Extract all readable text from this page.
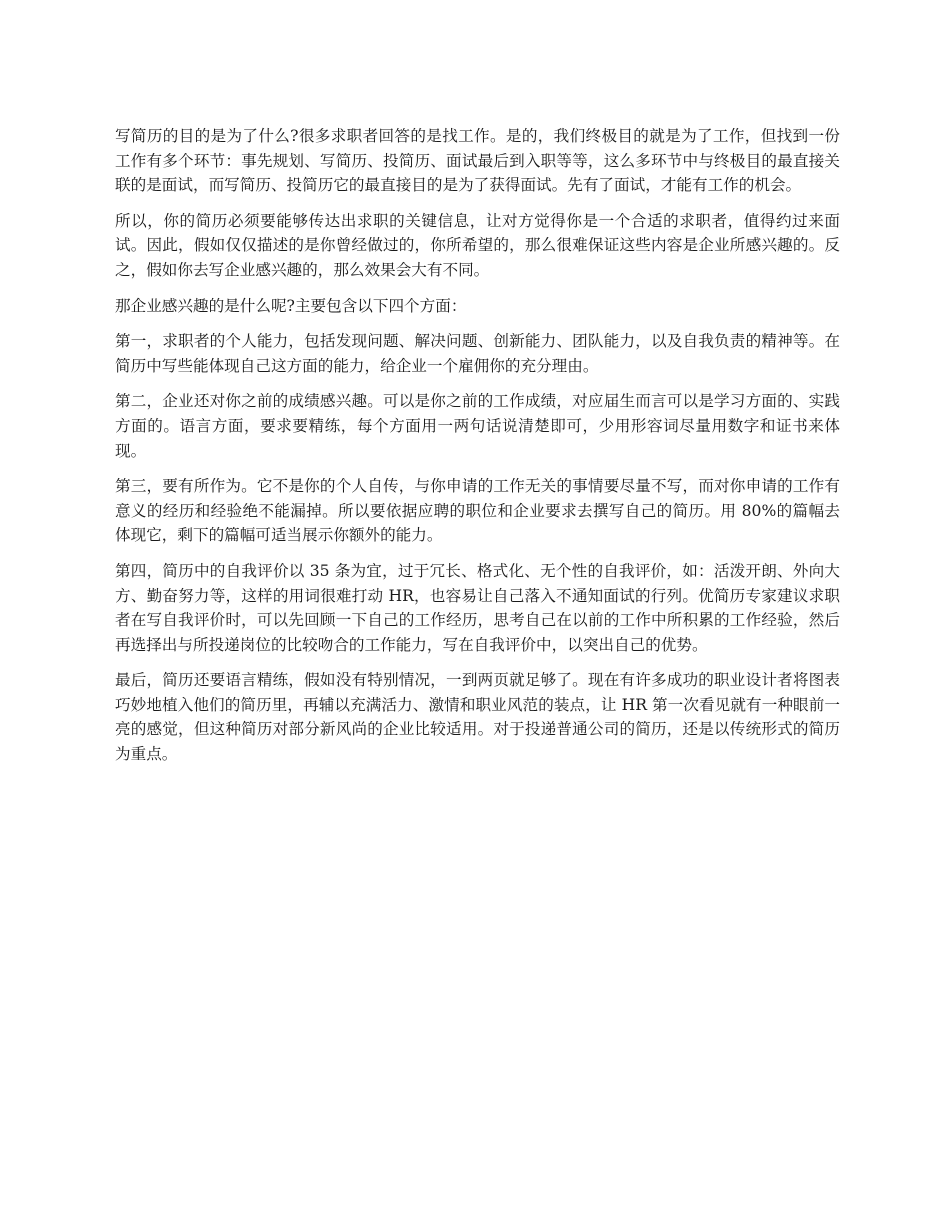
写简历的目的是为了什么?很多求职者回答的是找工作。是的，我们终极目的就是为了工作，但找到一份工作有多个环节：事先规划、写简历、投简历、面试最后到入职等等，这么多环节中与终极目的最直接关联的是面试，而写简历、投简历它的最直接目的是为了获得面试。先有了面试，才能有工作的机会。

所以，你的简历必须要能够传达出求职的关键信息，让对方觉得你是一个合适的求职者，值得约过来面试。因此，假如仅仅描述的是你曾经做过的，你所希望的，那么很难保证这些内容是企业所感兴趣的。反之，假如你去写企业感兴趣的，那么效果会大有不同。

那企业感兴趣的是什么呢?主要包含以下四个方面：

第一，求职者的个人能力，包括发现问题、解决问题、创新能力、团队能力，以及自我负责的精神等。在简历中写些能体现自己这方面的能力，给企业一个雇佣你的充分理由。

第二，企业还对你之前的成绩感兴趣。可以是你之前的工作成绩，对应届生而言可以是学习方面的、实践方面的。语言方面，要求要精练，每个方面用一两句话说清楚即可，少用形容词尽量用数字和证书来体现。

第三，要有所作为。它不是你的个人自传，与你申请的工作无关的事情要尽量不写，而对你申请的工作有意义的经历和经验绝不能漏掉。所以要依据应聘的职位和企业要求去撰写自己的简历。用 80%的篇幅去体现它，剩下的篇幅可适当展示你额外的能力。

第四，简历中的自我评价以 35 条为宜，过于冗长、格式化、无个性的自我评价，如：活泼开朗、外向大方、勤奋努力等，这样的用词很难打动 HR，也容易让自己落入不通知面试的行列。优简历专家建议求职者在写自我评价时，可以先回顾一下自己的工作经历，思考自己在以前的工作中所积累的工作经验，然后再选择出与所投递岗位的比较吻合的工作能力，写在自我评价中，以突出自己的优势。

最后，简历还要语言精练，假如没有特别情况，一到两页就足够了。现在有许多成功的职业设计者将图表巧妙地植入他们的简历里，再辅以充满活力、激情和职业风范的装点，让 HR 第一次看见就有一种眼前一亮的感觉，但这种简历对部分新风尚的企业比较适用。对于投递普通公司的简历，还是以传统形式的简历为重点。
